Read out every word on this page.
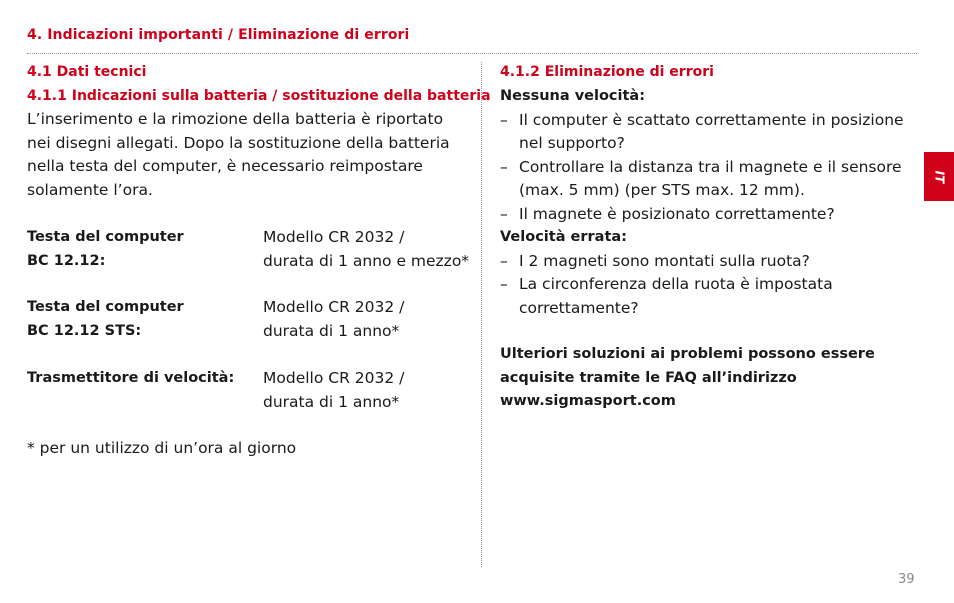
4. Indicazioni importanti / Eliminazione di errori
4.1 Dati tecnici
4.1.1 Indicazioni sulla batteria / sostituzione della batteria
L’inserimento e la rimozione della batteria è riportato
nei disegni allegati. Dopo la sostituzione della batteria
nella testa del computer, è necessario reimpostare
solamente l’ora.
Testa del computer
BC 12.12:
Modello CR 2032 /
durata di 1 anno e mezzo*
Testa del computer
BC 12.12 STS:
Modello CR 2032 /
durata di 1 anno*
Trasmettitore di velocità: Modello CR 2032 /
durata di 1 anno*
* per un utilizzo di un’ora al giorno
4.1.2 Eliminazione di errori
Nessuna velocità:
– Il computer è scattato correttamente in posizione
nel supporto?
– Controllare la distanza tra il magnete e il sensore
(max. 5 mm) (per STS max. 12 mm).
– Il magnete è posizionato correttamente?
Velocità errata:
– I 2 magneti sono montati sulla ruota?
– La circonferenza della ruota è impostata
correttamente?
Ulteriori soluzioni ai problemi possono essere
acquisite tramite le FAQ all’indirizzo
www.sigmasport.com
IT
39
